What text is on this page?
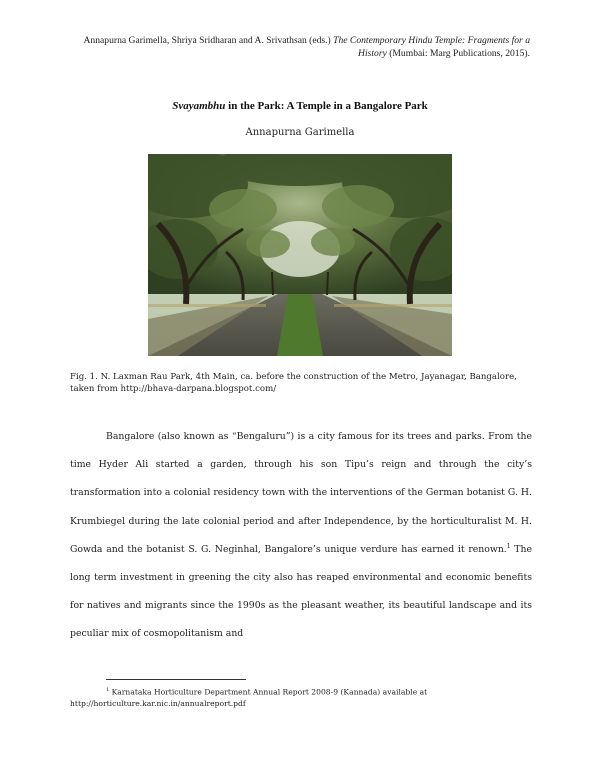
Annapurna Garimella, Shriya Sridharan and A. Srivathsan (eds.) The Contemporary Hindu Temple: Fragments for a
History (Mumbai: Marg Publications, 2015).
Svayambhu in the Park: A Temple in a Bangalore Park
Annapurna Garimella
Fig. 1. N. Laxman Rau Park, 4th Main, ca. before the construction of the Metro, Jayanagar, Bangalore,
taken from http://bhava-darpana.blogspot.com/

Bangalore (also known as “Bengaluru”) is a city famous for its trees and parks. From the time Hyder Ali started a garden, through his son Tipu’s reign and through the city’s transformation into a colonial residency town with the interventions of the German botanist G. H. Krumbiegel during the late colonial period and after Independence, by the horticulturalist M. H. Gowda and the botanist S. G. Neginhal, Bangalore’s unique verdure has earned it renown.$^1$ The long term investment in greening the city also has reaped environmental and economic benefits for natives and migrants since the 1990s as the pleasant weather, its beautiful landscape and its peculiar mix of cosmopolitanism and

$^1$ Karnataka Horticulture Department Annual Report 2008-9 (Kannada) available at
http://horticulture.kar.nic.in/annualreport.pdf
